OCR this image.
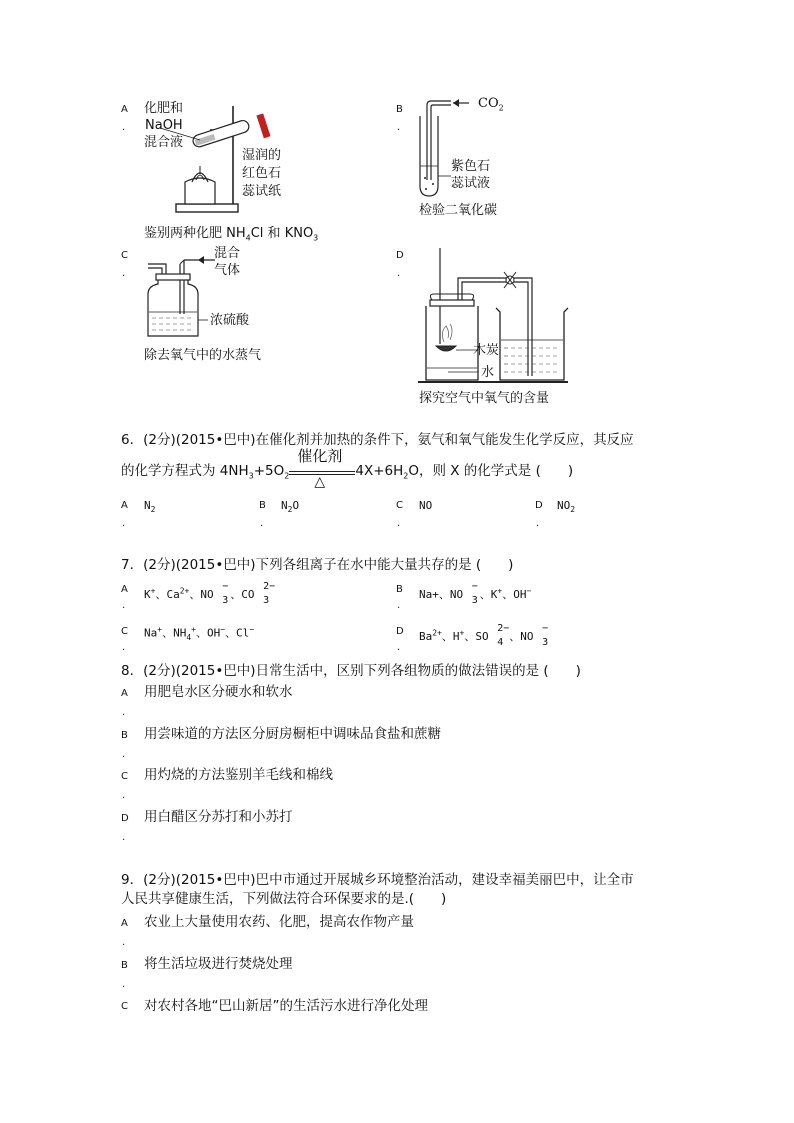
A
.
化肥和
NaOH
混合液
湿润的
红色石
蕊试纸
鉴别两种化肥 $NH_4Cl$ 和 $KNO_3$
B
.
$CO_2$
紫色石
蕊试液
检验二氧化碳
C
.
混合
气体
浓硫酸
除去氧气中的水蒸气
D
.
木炭
水
探究空气中氧气的含量
6．(2分)(2015•巴中)在催化剂并加热的条件下，氨气和氧气能发生化学反应，其反应
的化学方程式为 $4NH_3+5O_2$
催化剂
△
$4X+6H_2O$，则 X 的化学式是 (　　)
A
.
$N_2$	B
.
$N_2O$	C
.
NO	D
.
$NO_2$
7．(2分)(2015•巴中)下列各组离子在水中能大量共存的是 (　　)
A
.
K+、$Ca^{2+}$、NO
−
3 、CO
2−
3
B
.
Na+、NO
−
3 、K+、OH−
C
.
Na+、$NH_4^+$、OH−、Cl−	D
.
$Ba^{2+}$、H+、SO
2−
4 、NO
−
3
8．(2分)(2015•巴中)日常生活中，区别下列各组物质的做法错误的是 (　　)
A
.
用肥皂水区分硬水和软水
B
.
用尝味道的方法区分厨房橱柜中调味品食盐和蔗糖
C
.
用灼烧的方法鉴别羊毛线和棉线
D
.
用白醋区分苏打和小苏打
9．(2分)(2015•巴中)巴中市通过开展城乡环境整治活动，建设幸福美丽巴中，让全市
人民共享健康生活，下列做法符合环保要求的是.(　　)
A
.
农业上大量使用农药、化肥，提高农作物产量
B
.
将生活垃圾进行焚烧处理
C 对农村各地“巴山新居”的生活污水进行净化处理
